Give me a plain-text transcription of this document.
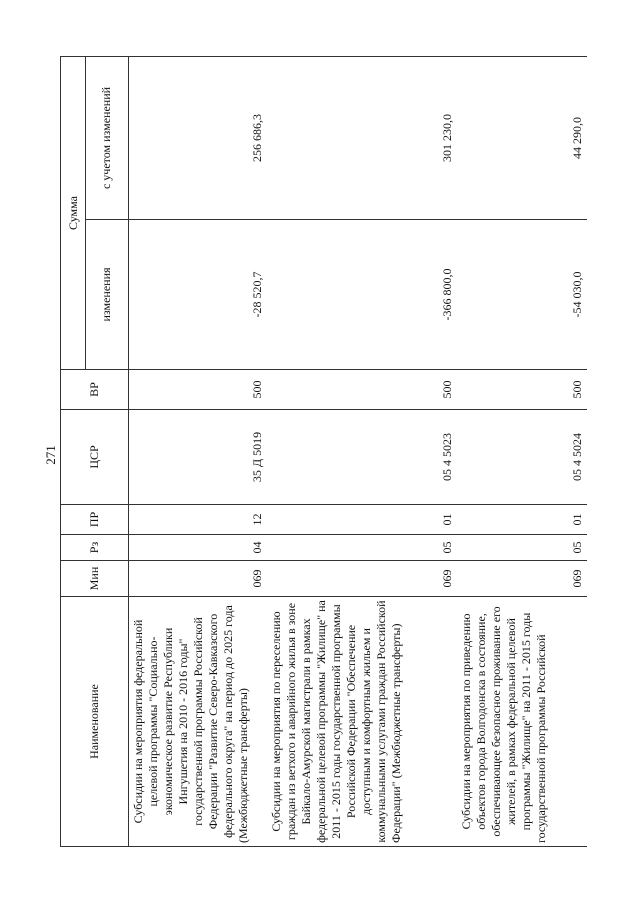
271
Наименование	Мин	Рз	ПР	ЦСР	ВР	Сумма	
						изменения	с учетом изменений
Субсидии на мероприятия федеральной целевой программы "Социально-экономическое развитие Республики Ингушетия на 2010 - 2016 годы" государственной программы Российской Федерации "Развитие Северо-Кавказского федерального округа" на период до 2025 года (Межбюджетные трансферты)	069	04	12	35 Д 5019	500	-28 520,7	256 686,3
Субсидии на мероприятия по переселению граждан из ветхого и аварийного жилья в зоне Байкало-Амурской магистрали в рамках федеральной целевой программы "Жилище" на 2011 - 2015 годы государственной программы Российской Федерации "Обеспечение доступным и комфортным жильем и коммунальными услугами граждан Российской Федерации" (Межбюджетные трансферты)	069	05	01	05 4 5023	500	-366 800,0	301 230,0
Субсидии на мероприятия по приведению объектов города Волгодонска в состояние, обеспечивающее безопасное проживание его жителей, в рамках федеральной целевой программы "Жилище" на 2011 - 2015 годы государственной программы Российской	069	05	01	05 4 5024	500	-54 030,0	44 290,0
